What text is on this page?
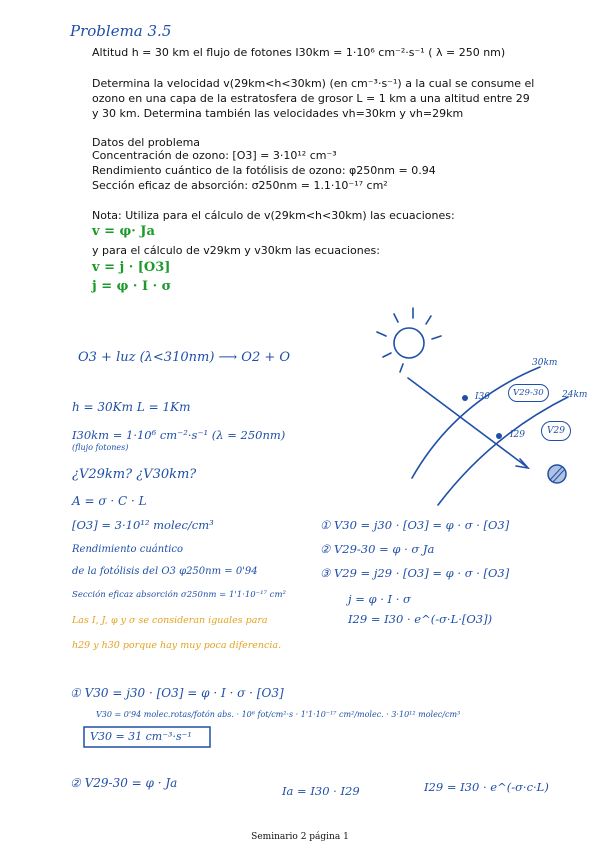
Problema 3.5
Altitud h = 30 km el flujo de fotones I30km = 1·10⁶ cm⁻²·s⁻¹ ( λ = 250 nm)
Determina la velocidad v(29km<h<30km) (en cm⁻³·s⁻¹) a la cual se consume el
ozono en una capa de la estratosfera de grosor L = 1 km a una altitud entre 29
y 30 km. Determina también las velocidades vh=30km y vh=29km
Datos del problema
Concentración de ozono: [O3] = 3·10¹² cm⁻³
Rendimiento cuántico de la fotólisis de ozono: φ250nm = 0.94
Sección eficaz de absorción: σ250nm = 1.1·10⁻¹⁷ cm²
Nota: Utiliza para el cálculo de v(29km<h<30km) las ecuaciones:
v = φ· Ja
y para el cálculo de v29km y v30km las ecuaciones:
v = j · [O3]
j = φ · I · σ
30km
24km
I30
I29
V29-30
V29
O3 + luz (λ<310nm) ⟶ O2 + O
h = 30Km L = 1Km
I30km = 1·10⁶ cm⁻²·s⁻¹ (λ = 250nm)
(flujo fotones)
¿V29km? ¿V30km?
A = σ · C · L
[O3] = 3·10¹² molec/cm³
Rendimiento cuántico
de la fotólisis del O3 φ250nm = 0'94
Sección eficaz absorción σ250nm = 1'1·10⁻¹⁷ cm²
Las I, J, φ y σ se consideran iguales para
h29 y h30 porque hay muy poca diferencia.
① V30 = j30 · [O3] = φ · σ · [O3]
② V29-30 = φ · σ Ja
③ V29 = j29 · [O3] = φ · σ · [O3]
j = φ · I · σ
I29 = I30 · e^(-σ·L·[O3])
① V30 = j30 · [O3] = φ · I · σ · [O3]
V30 = 0'94 molec.rotas/fotón abs. · 10⁶ fot/cm²·s · 1'1·10⁻¹⁷ cm²/molec. · 3·10¹² molec/cm³
V30 = 31 cm⁻³·s⁻¹
② V29-30 = φ · Ja
Ia = I30 · I29	I29 = I30 · e^(-σ·c·L)
Seminario 2 página 1
